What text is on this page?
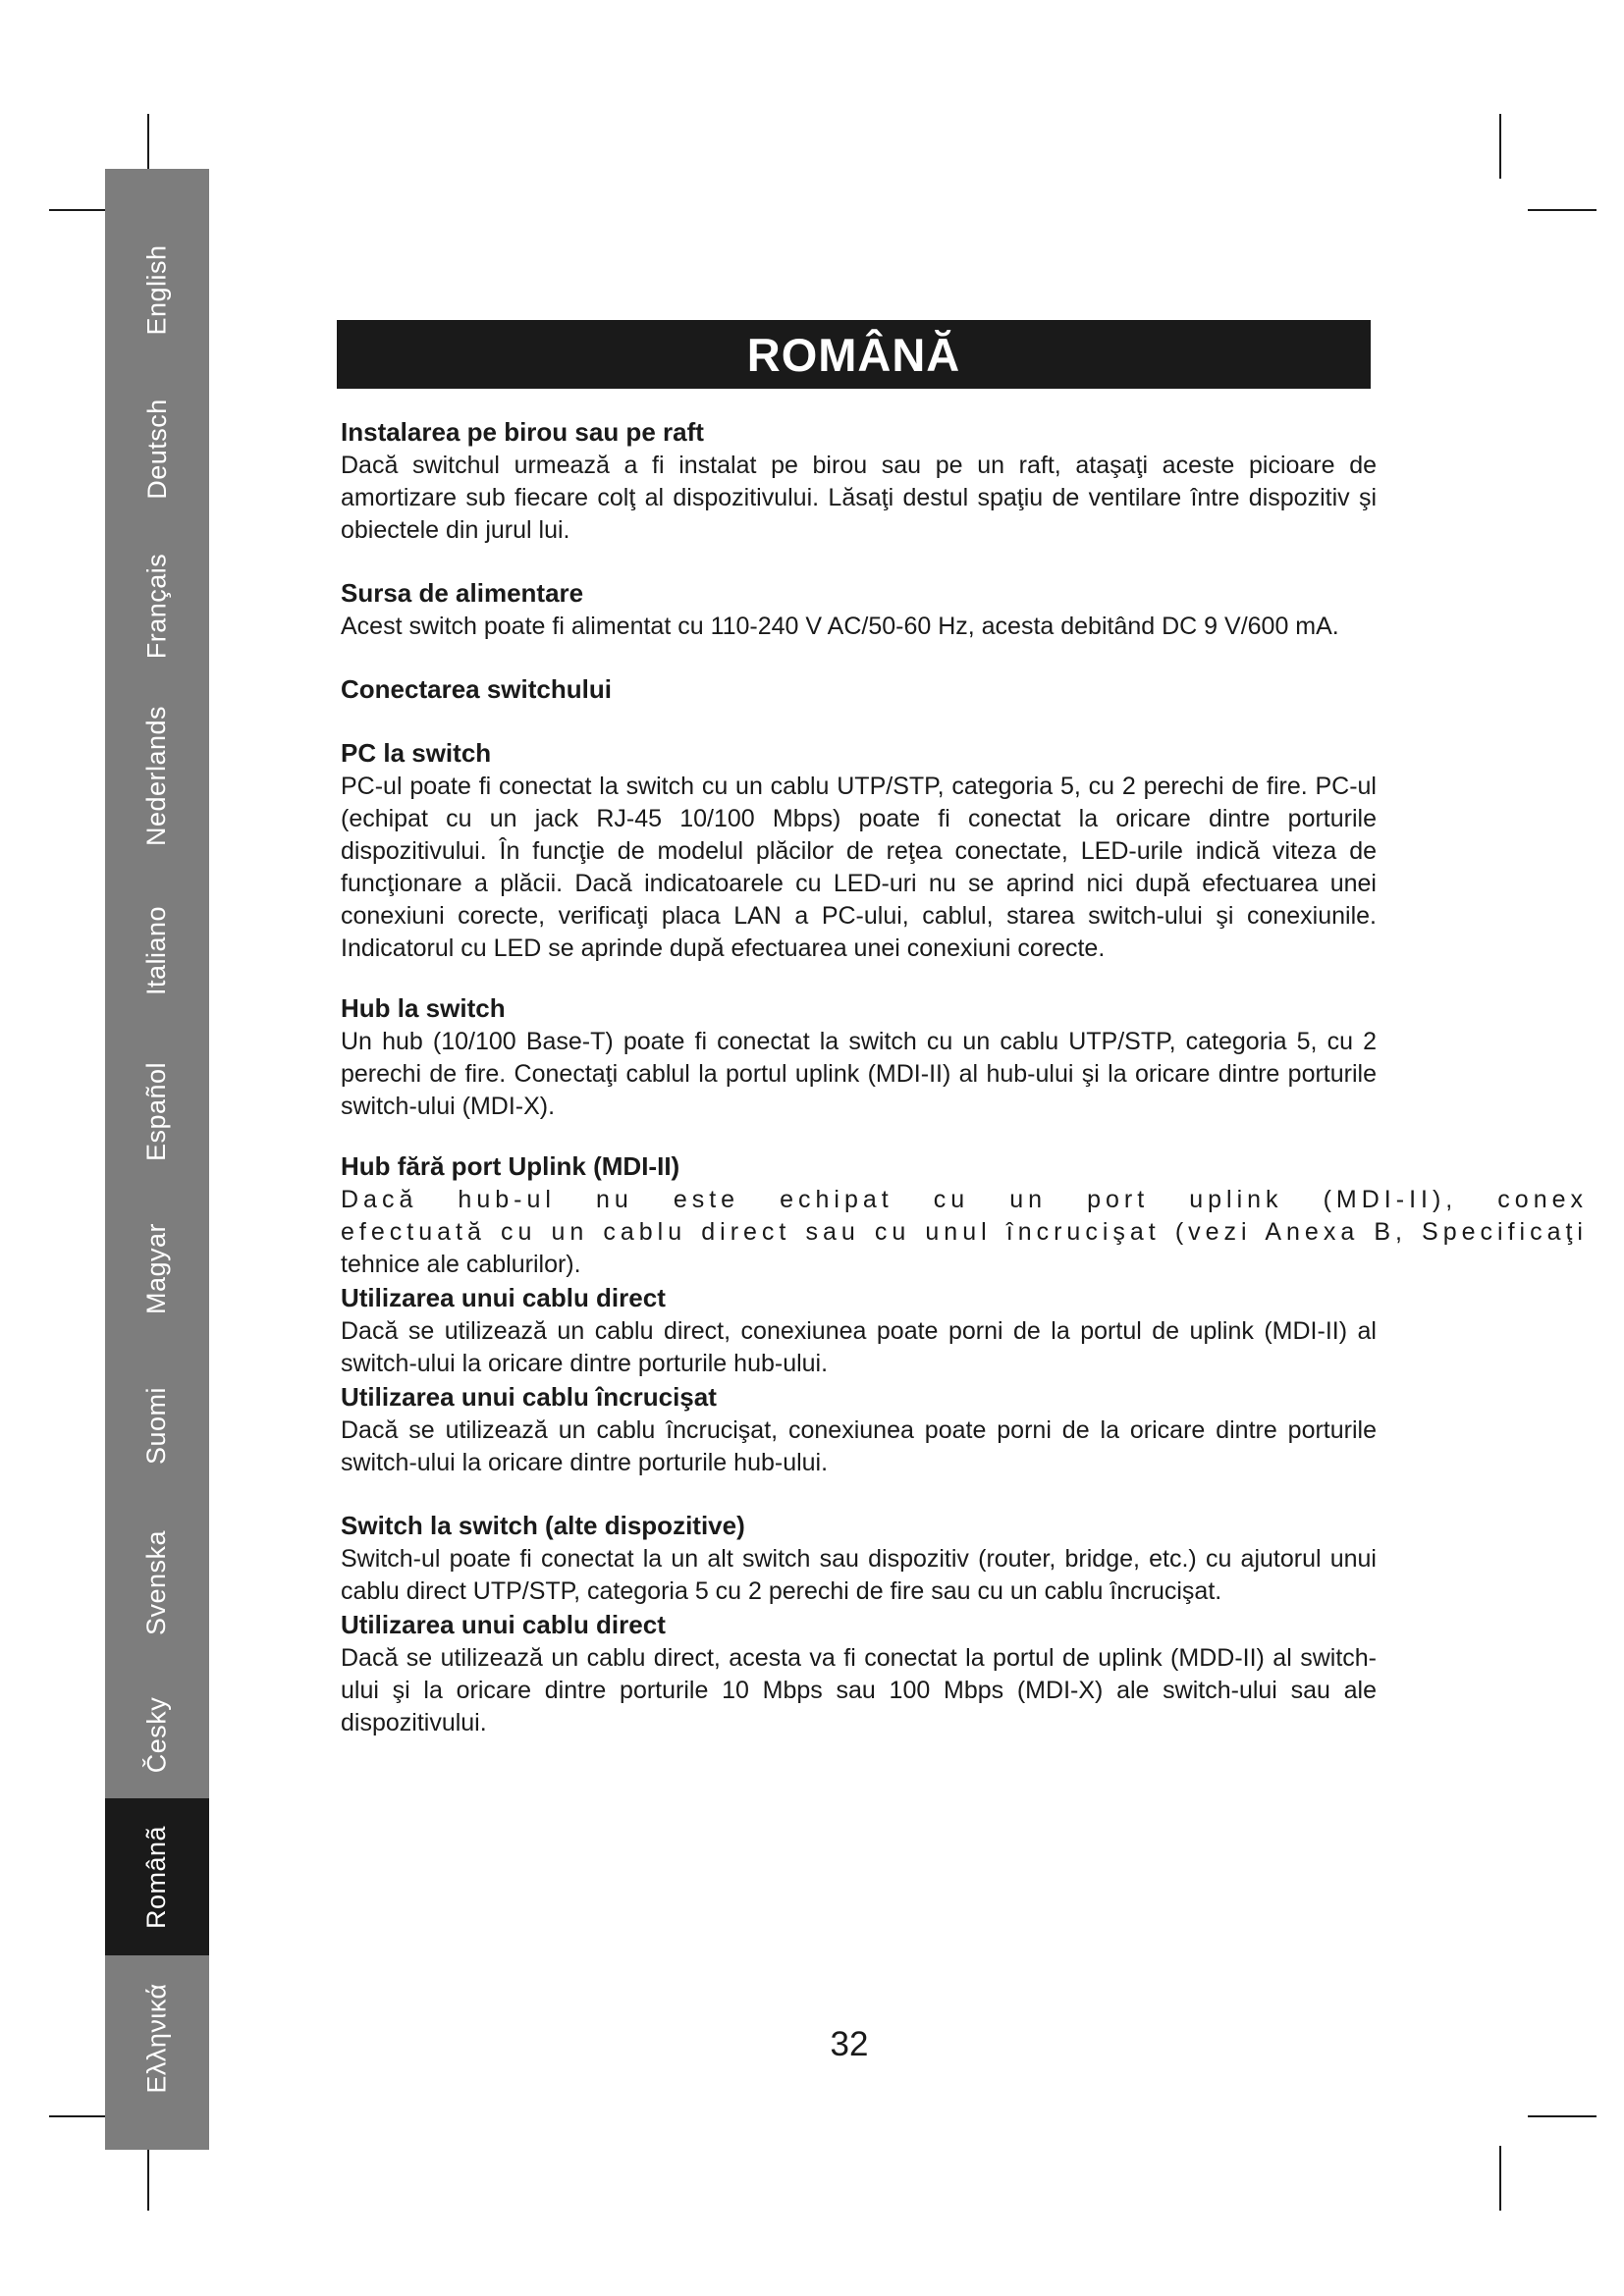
English
Deutsch
Français
Nederlands
Italiano
Español
Magyar
Suomi
Svenska
Česky
Românã
Ελληνικά
ROMÂNĂ
Instalarea pe birou sau pe raft

Dacă switchul urmează a fi instalat pe birou sau pe un raft, ataşaţi aceste picioare de amortizare sub fiecare colţ al dispozitivului. Lăsaţi destul spaţiu de ventilare între dispozitiv şi obiectele din jurul lui.

Sursa de alimentare

Acest switch poate fi alimentat cu 110-240 V AC/50-60 Hz, acesta debitând DC 9 V/600 mA.

Conectarea switchului
PC la switch

PC-ul poate fi conectat la switch cu un cablu UTP/STP, categoria 5, cu 2 perechi de fire. PC-ul (echipat cu un jack RJ-45 10/100 Mbps) poate fi conectat la oricare dintre porturile dispozitivului. În funcţie de modelul plăcilor de reţea conectate, LED-urile indică viteza de funcţionare a plăcii. Dacă indicatoarele cu LED-uri nu se aprind nici după efectuarea unei conexiuni corecte, verificaţi placa LAN a PC-ului, cablul, starea switch-ului şi conexiunile. Indicatorul cu LED se aprinde după efectuarea unei conexiuni corecte.

Hub la switch

Un hub (10/100 Base-T) poate fi conectat la switch cu un cablu UTP/STP, categoria 5, cu 2 perechi de fire. Conectaţi cablul la portul uplink (MDI-II) al hub-ului şi la oricare dintre porturile switch-ului (MDI-X).

Hub fără port Uplink (MDI-II)
Dacă hub-ul nu este echipat cu un port uplink (MDI-II), conex
efectuată cu un cablu direct sau cu unul încrucişat (vezi Anexa B, Specificaţi

tehnice ale cablurilor).

Utilizarea unui cablu direct

Dacă se utilizează un cablu direct, conexiunea poate porni de la portul de uplink (MDI-II) al switch-ului la oricare dintre porturile hub-ului.

Utilizarea unui cablu încrucişat

Dacă se utilizează un cablu încrucişat, conexiunea poate porni de la oricare dintre porturile switch-ului la oricare dintre porturile hub-ului.

Switch la switch (alte dispozitive)

Switch-ul poate fi conectat la un alt switch sau dispozitiv (router, bridge, etc.) cu ajutorul unui cablu direct UTP/STP, categoria 5 cu 2 perechi de fire sau cu un cablu încrucişat.

Utilizarea unui cablu direct

Dacă se utilizează un cablu direct, acesta va fi conectat la portul de uplink (MDD-II) al switch-ului şi la oricare dintre porturile 10 Mbps sau 100 Mbps (MDI-X) ale switch-ului sau ale dispozitivului.

32
